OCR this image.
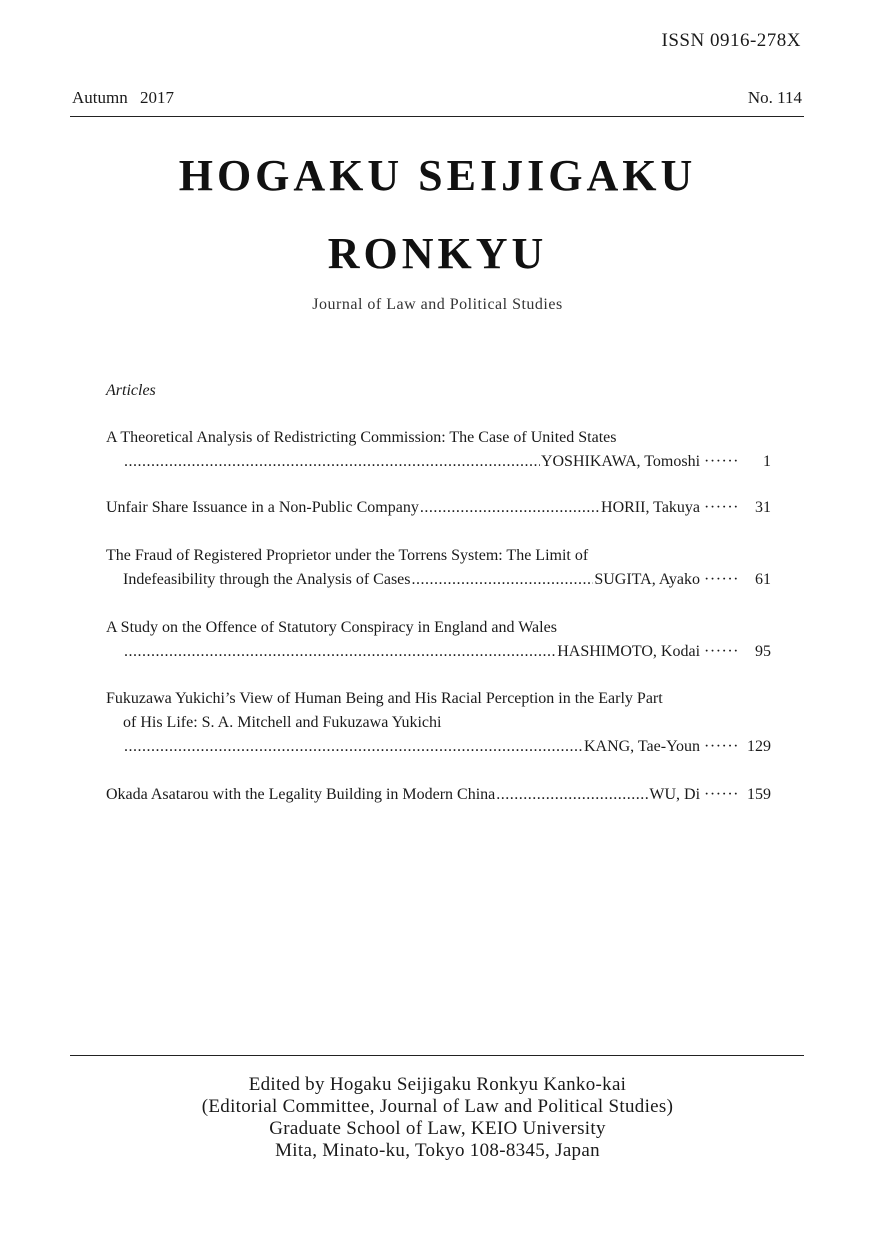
ISSN 0916-278X
Autumn 2017	No. 114
HOGAKU SEIJIGAKU
RONKYU
Journal of Law and Political Studies
Articles
A Theoretical Analysis of Redistricting Commission: The Case of United States
.....
YOSHIKAWA, Tomoshi ······	1
Unfair Share Issuance in a Non-Public Company .....	HORII, Takuya ······	31
The Fraud of Registered Proprietor under the Torrens System: The Limit of
Indefeasibility through the Analysis of Cases .....	SUGITA, Ayako ······	61
A Study on the Offence of Statutory Conspiracy in England and Wales
.....
HASHIMOTO, Kodai ······	95
Fukuzawa Yukichi’s View of Human Being and His Racial Perception in the Early Part
of His Life: S. A. Mitchell and Fukuzawa Yukichi
.....
KANG, Tae-Youn ······ 129
Okada Asatarou with the Legality Building in Modern China .....	WU, Di ······ 159
Edited by Hogaku Seijigaku Ronkyu Kanko-kai
(Editorial Committee, Journal of Law and Political Studies)
Graduate School of Law, KEIO University
Mita, Minato-ku, Tokyo 108-8345, Japan
